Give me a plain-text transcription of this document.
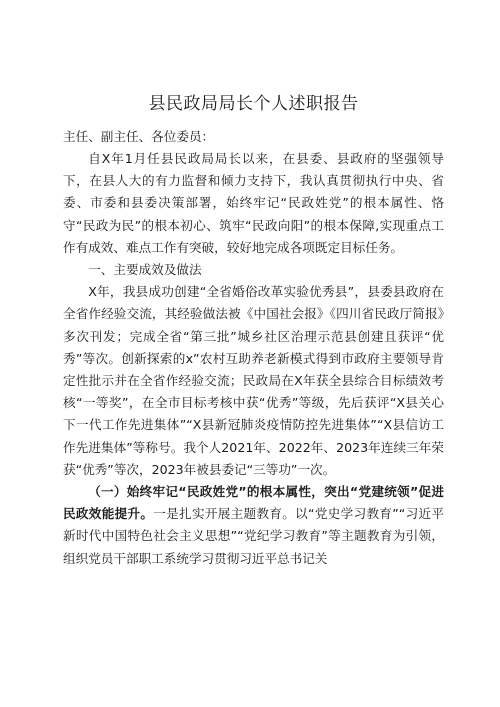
县民政局局长个人述职报告

主任、副主任、各位委员：

自X年1月任县民政局局长以来，在县委、县政府的坚强领导下，在县人大的有力监督和倾力支持下，我认真贯彻执行中央、省委、市委和县委决策部署，始终牢记“民政姓党”的根本属性、恪守“民政为民”的根本初心、筑牢“民政向阳”的根本保障,实现重点工作有成效、难点工作有突破，较好地完成各项既定目标任务。

一、主要成效及做法

X年，我县成功创建“全省婚俗改革实验优秀县”，县委县政府在全省作经验交流，其经验做法被《中国社会报》《四川省民政厅简报》多次刊发；完成全省“第三批”城乡社区治理示范县创建且获评“优秀”等次。创新探索的x”农村互助养老新模式得到市政府主要领导肯定性批示并在全省作经验交流；民政局在X年获全县综合目标绩效考核“一等奖”，在全市目标考核中获“优秀”等级，先后获评“X县关心下一代工作先进集体”“X县新冠肺炎疫情防控先进集体”“X县信访工作先进集体”等称号。我个人2021年、2022年、2023年连续三年荣获“优秀”等次，2023年被县委记“三等功”一次。

（一）始终牢记“民政姓党”的根本属性，突出“党建统领”促进民政效能提升。一是扎实开展主题教育。以“党史学习教育”“习近平新时代中国特色社会主义思想”“党纪学习教育”等主题教育为引领，组织党员干部职工系统学习贯彻习近平总书记关
